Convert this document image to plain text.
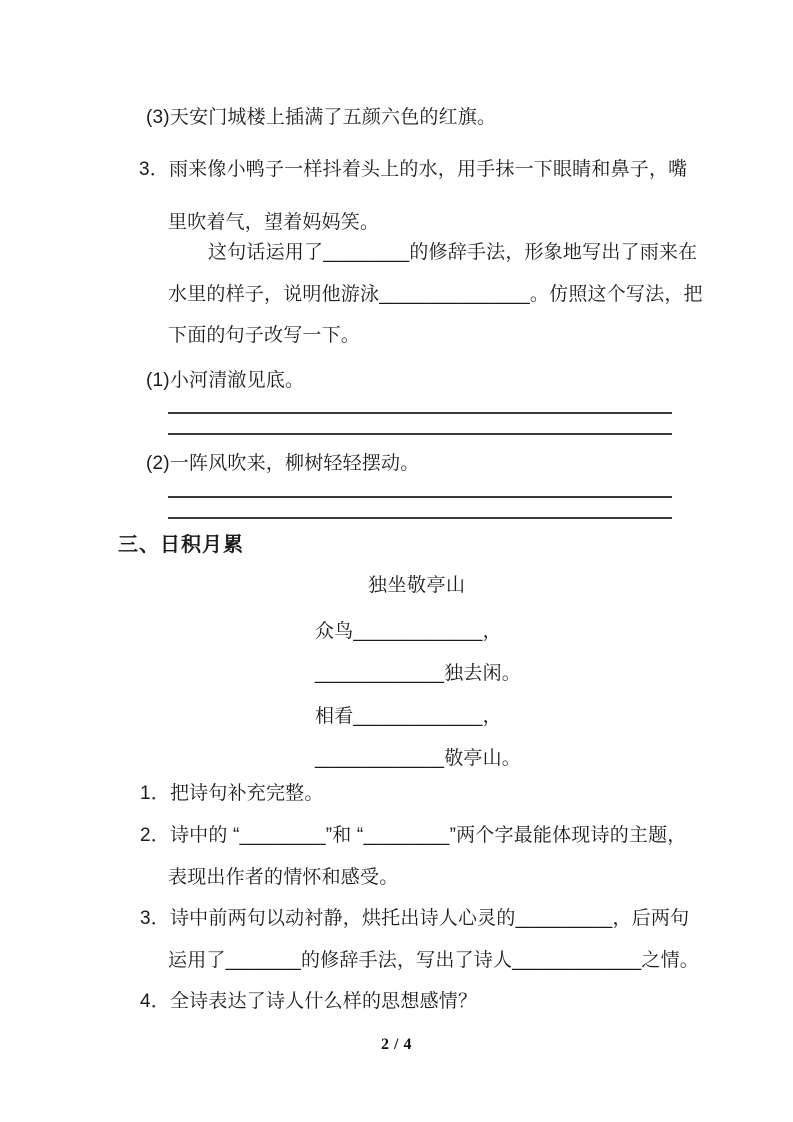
(3)天安门城楼上插满了五颜六色的红旗。
3．雨来像小鸭子一样抖着头上的水，用手抹一下眼睛和鼻子，嘴
里吹着气，望着妈妈笑。
这句话运用了________的修辞手法，形象地写出了雨来在
水里的样子，说明他游泳______________。仿照这个写法，把
下面的句子改写一下。
(1)小河清澈见底。
(2)一阵风吹来，柳树轻轻摆动。
三、日积月累
独坐敬亭山
众鸟____________，
____________独去闲。
相看____________，
____________敬亭山。
1．把诗句补充完整。
2．诗中的 “________”和 “________”两个字最能体现诗的主题，
表现出作者的情怀和感受。
3．诗中前两句以动衬静，烘托出诗人心灵的_________，后两句
运用了_______的修辞手法，写出了诗人____________之情。
4．全诗表达了诗人什么样的思想感情？
2 / 4
